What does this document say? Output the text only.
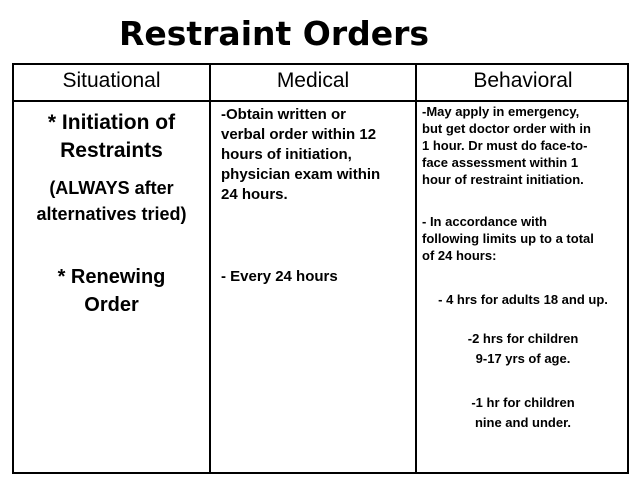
Restraint Orders
Situational	Medical	Behavioral
* Initiation of
Restraints
(ALWAYS after
alternatives tried)
* Renewing
Order
-Obtain written or
verbal order within 12
hours of initiation,
physician exam within
24 hours.
- Every 24 hours
-May apply in emergency,
but get doctor order with in
1 hour. Dr must do face-to-
face assessment within 1
hour of restraint initiation.
- In accordance with
following limits up to a total
of 24 hours:
- 4 hrs for adults 18 and up.
-2 hrs for children
9-17 yrs of age.
-1 hr for children
nine and under.
